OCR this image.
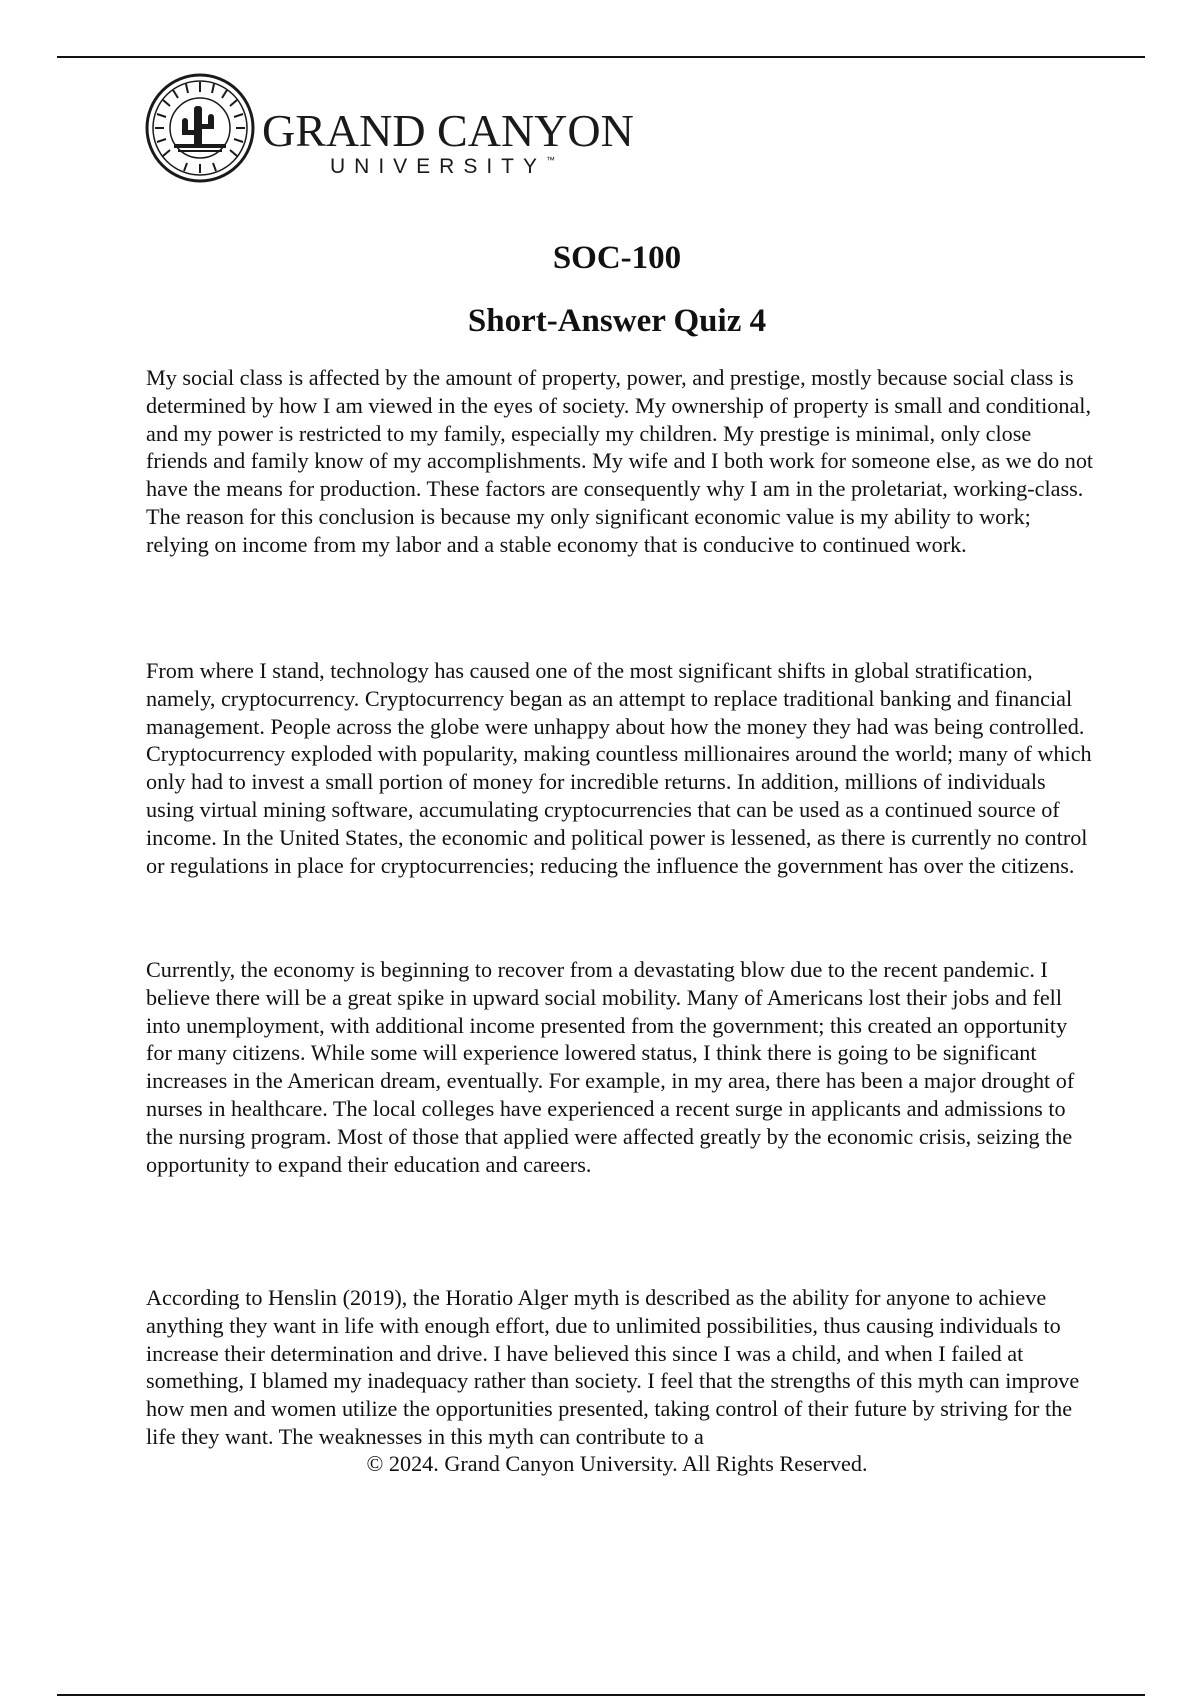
GRAND CANYON
UNIVERSITY™
SOC-100
Short-Answer Quiz 4

My social class is affected by the amount of property, power, and prestige, mostly because social class is determined by how I am viewed in the eyes of society. My ownership of property is small and conditional, and my power is restricted to my family, especially my children. My prestige is minimal, only close friends and family know of my accomplishments. My wife and I both work for someone else, as we do not have the means for production. These factors are consequently why I am in the proletariat, working-class. The reason for this conclusion is because my only significant economic value is my ability to work; relying on income from my labor and a stable economy that is conducive to continued work.

From where I stand, technology has caused one of the most significant shifts in global stratification, namely, cryptocurrency. Cryptocurrency began as an attempt to replace traditional banking and financial management. People across the globe were unhappy about how the money they had was being controlled. Cryptocurrency exploded with popularity, making countless millionaires around the world; many of which only had to invest a small portion of money for incredible returns. In addition, millions of individuals using virtual mining software, accumulating cryptocurrencies that can be used as a continued source of income. In the United States, the economic and political power is lessened, as there is currently no control or regulations in place for cryptocurrencies; reducing the influence the government has over the citizens.

Currently, the economy is beginning to recover from a devastating blow due to the recent pandemic. I believe there will be a great spike in upward social mobility. Many of Americans lost their jobs and fell into unemployment, with additional income presented from the government; this created an opportunity for many citizens. While some will experience lowered status, I think there is going to be significant increases in the American dream, eventually. For example, in my area, there has been a major drought of nurses in healthcare. The local colleges have experienced a recent surge in applicants and admissions to the nursing program. Most of those that applied were affected greatly by the economic crisis, seizing the opportunity to expand their education and careers.

According to Henslin (2019), the Horatio Alger myth is described as the ability for anyone to achieve anything they want in life with enough effort, due to unlimited possibilities, thus causing individuals to increase their determination and drive. I have believed this since I was a child, and when I failed at something, I blamed my inadequacy rather than society. I feel that the strengths of this myth can improve how men and women utilize the opportunities presented, taking control of their future by striving for the life they want. The weaknesses in this myth can contribute to a

© 2024. Grand Canyon University. All Rights Reserved.
